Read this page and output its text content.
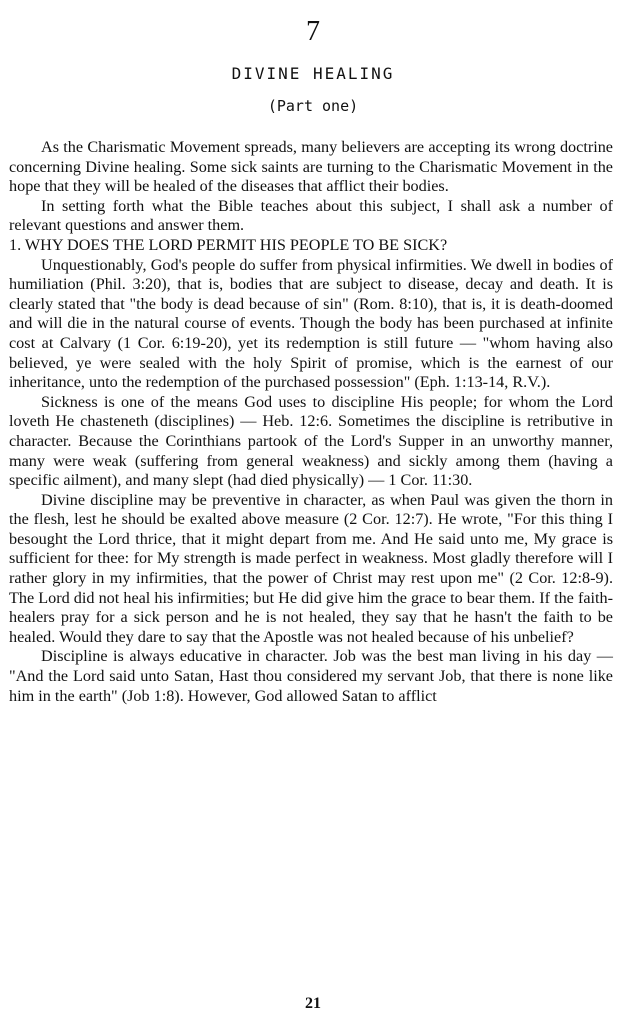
7
DIVINE HEALING
(Part one)

As the Charismatic Movement spreads, many believers are accepting its wrong doctrine concerning Divine healing. Some sick saints are turning to the Charismatic Movement in the hope that they will be healed of the diseases that afflict their bodies.

In setting forth what the Bible teaches about this subject, I shall ask a number of relevant questions and answer them.

1. WHY DOES THE LORD PERMIT HIS PEOPLE TO BE SICK?

Unquestionably, God's people do suffer from physical infirmities. We dwell in bodies of humiliation (Phil. 3:20), that is, bodies that are subject to disease, decay and death. It is clearly stated that "the body is dead because of sin" (Rom. 8:10), that is, it is death-doomed and will die in the natural course of events. Though the body has been purchased at infinite cost at Calvary (1 Cor. 6:19-20), yet its redemption is still future — "whom having also believed, ye were sealed with the holy Spirit of promise, which is the earnest of our inheritance, unto the redemption of the purchased possession" (Eph. 1:13-14, R.V.).

Sickness is one of the means God uses to discipline His people; for whom the Lord loveth He chasteneth (disciplines) — Heb. 12:6. Sometimes the discipline is retributive in character. Because the Corinthians partook of the Lord's Supper in an unworthy manner, many were weak (suffering from general weakness) and sickly among them (having a specific ailment), and many slept (had died physically) — 1 Cor. 11:30.

Divine discipline may be preventive in character, as when Paul was given the thorn in the flesh, lest he should be exalted above measure (2 Cor. 12:7). He wrote, "For this thing I besought the Lord thrice, that it might depart from me. And He said unto me, My grace is sufficient for thee: for My strength is made perfect in weakness. Most gladly therefore will I rather glory in my infirmities, that the power of Christ may rest upon me" (2 Cor. 12:8-9). The Lord did not heal his infirmities; but He did give him the grace to bear them. If the faith-healers pray for a sick person and he is not healed, they say that he hasn't the faith to be healed. Would they dare to say that the Apostle was not healed because of his unbelief?

Discipline is always educative in character. Job was the best man living in his day — "And the Lord said unto Satan, Hast thou considered my servant Job, that there is none like him in the earth" (Job 1:8). However, God allowed Satan to afflict

21
